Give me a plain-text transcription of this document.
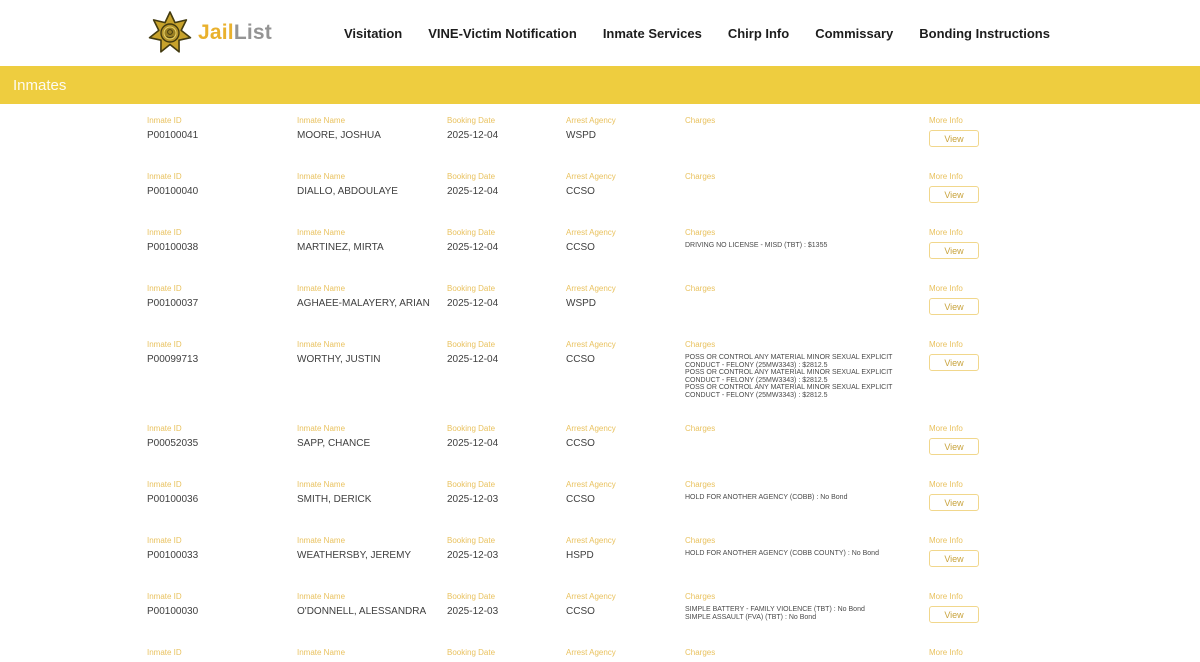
JailList	Visitation VINE-Victim Notification Inmate Services Chirp Info Commissary Bonding Instructions
Inmates
Inmate ID
P00100041
Inmate Name
MOORE, JOSHUA
Booking Date
2025-12-04
Arrest Agency
WSPD
Charges	More Info
View
Inmate ID
P00100040
Inmate Name
DIALLO, ABDOULAYE
Booking Date
2025-12-04
Arrest Agency
CCSO
Charges	More Info
View
Inmate ID
P00100038
Inmate Name
MARTINEZ, MIRTA
Booking Date
2025-12-04
Arrest Agency
CCSO
Charges
DRIVING NO LICENSE - MISD (TBT) : $1355
More Info
View
Inmate ID
P00100037
Inmate Name
AGHAEE-MALAYERY, ARIAN
Booking Date
2025-12-04
Arrest Agency
WSPD
Charges	More Info
View
Inmate ID
P00099713
Inmate Name
WORTHY, JUSTIN
Booking Date
2025-12-04
Arrest Agency
CCSO
Charges
POSS OR CONTROL ANY MATERIAL MINOR SEXUAL EXPLICIT CONDUCT - FELONY (25MW3343) : $2812.5
POSS OR CONTROL ANY MATERIAL MINOR SEXUAL EXPLICIT CONDUCT - FELONY (25MW3343) : $2812.5
POSS OR CONTROL ANY MATERIAL MINOR SEXUAL EXPLICIT CONDUCT - FELONY (25MW3343) : $2812.5
More Info
View
Inmate ID
P00052035
Inmate Name
SAPP, CHANCE
Booking Date
2025-12-04
Arrest Agency
CCSO
Charges	More Info
View
Inmate ID
P00100036
Inmate Name
SMITH, DERICK
Booking Date
2025-12-03
Arrest Agency
CCSO
Charges
HOLD FOR ANOTHER AGENCY (COBB) : No Bond
More Info
View
Inmate ID
P00100033
Inmate Name
WEATHERSBY, JEREMY
Booking Date
2025-12-03
Arrest Agency
HSPD
Charges
HOLD FOR ANOTHER AGENCY (COBB COUNTY) : No Bond
More Info
View
Inmate ID
P00100030
Inmate Name
O'DONNELL, ALESSANDRA
Booking Date
2025-12-03
Arrest Agency
CCSO
Charges
SIMPLE BATTERY - FAMILY VIOLENCE (TBT) : No Bond
SIMPLE ASSAULT (FVA) (TBT) : No Bond
More Info
View
Inmate ID	Inmate Name	Booking Date	Arrest Agency	Charges	More Info
